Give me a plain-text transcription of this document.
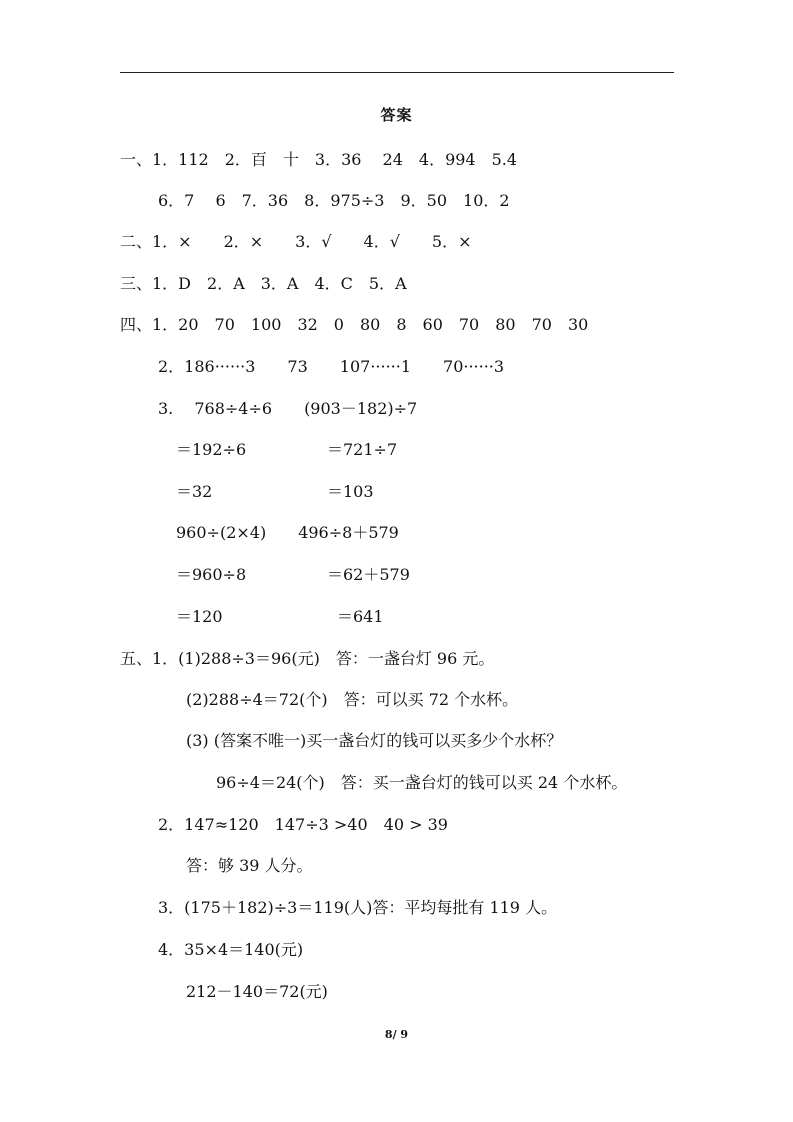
答案
一、1．112　2．百　十　3．36　 24　4．994　5.4
6．7　 6　7．36　8．975÷3　9．50　10．2
二、1．×　　2．×　　3．√　　4．√　　5．×
三、1．D　2．A　3．A　4．C　5．A
四、1．20　70　100　32　0　80　8　60　70　80　70　30
2．186······3　　73　　107······1　　70······3
3.　 768÷4÷6　　(903－182)÷7
＝192÷6	＝721÷7
＝32	＝103
960÷(2×4)　　496÷8＋579
＝960÷8	＝62＋579
＝120	＝641
五、1．(1)288÷3＝96(元)　答：一盏台灯 96 元。
(2)288÷4＝72(个)　答：可以买 72 个水杯。
(3) (答案不唯一)买一盏台灯的钱可以买多少个水杯？
96÷4＝24(个)　答：买一盏台灯的钱可以买 24 个水杯。
2．147≈120　147÷3 >40　40 > 39
答：够 39 人分。
3．(175＋182)÷3＝119(人)答：平均每批有 119 人。
4．35×4＝140(元)
212－140＝72(元)
8/ 9
